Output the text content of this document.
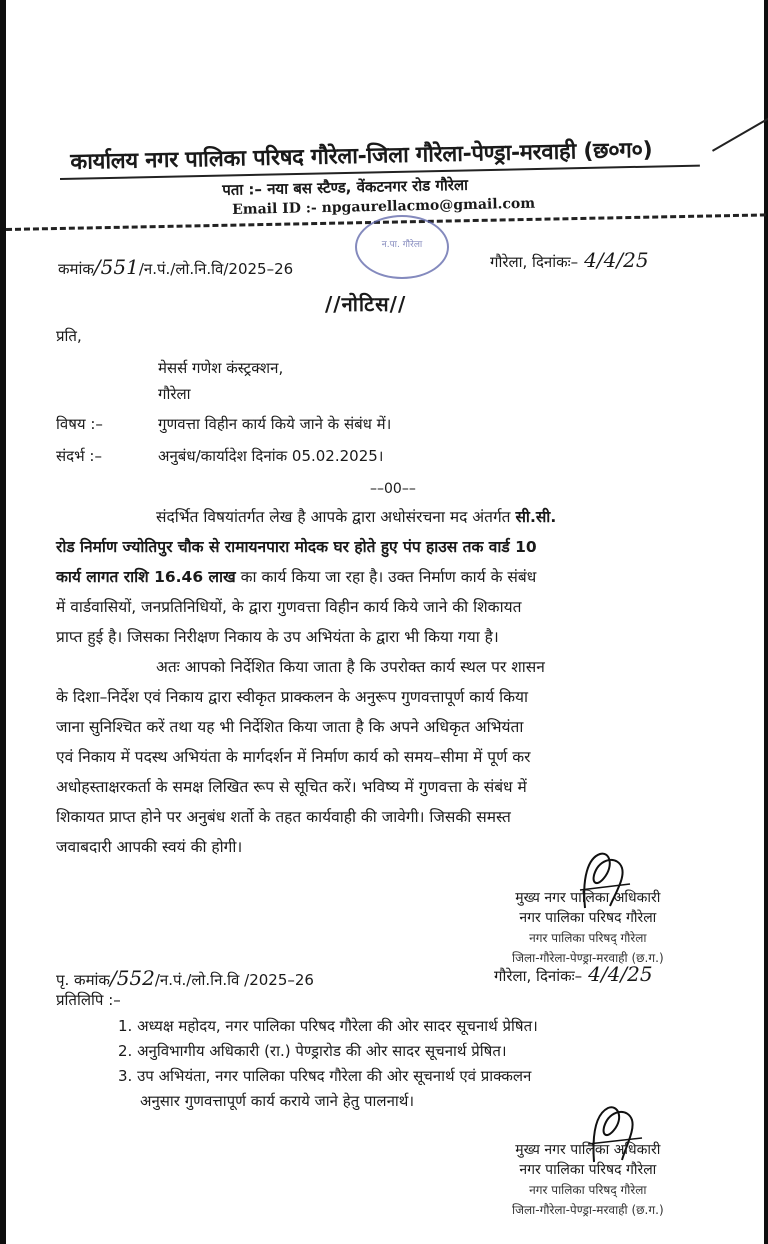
कार्यालय नगर पालिका परिषद गौरेला-जिला गौरेला-पेण्ड्रा-मरवाही (छ०ग०)
पता :– नया बस स्टैण्ड, वेंकटनगर रोड गौरेला
Email ID :- npgaurellacmo@gmail.com
न.पा. गौरेला
कमांक/551/न.पं./लो.नि.वि/2025–26	गौरेला, दिनांकः– 4/4/25
//नोटिस//
प्रति,
मेसर्स गणेश कंस्ट्रक्शन,
गौरेला
विषय :–	गुणवत्ता विहीन कार्य किये जाने के संबंध में।
संदर्भ :–	अनुबंध/कार्यादेश दिनांक 05.02.2025।
––00––
संदर्भित विषयांतर्गत लेख है आपके द्वारा अधोसंरचना मद अंतर्गत सी.सी.
रोड निर्माण ज्योतिपुर चौक से रामायनपारा मोदक घर होते हुए पंप हाउस तक वार्ड 10
कार्य लागत राशि 16.46 लाख का कार्य किया जा रहा है। उक्त निर्माण कार्य के संबंध
में वार्डवासियों, जनप्रतिनिधियों, के द्वारा गुणवत्ता विहीन कार्य किये जाने की शिकायत
प्राप्त हुई है। जिसका निरीक्षण निकाय के उप अभियंता के द्वारा भी किया गया है।
अतः आपको निर्देशित किया जाता है कि उपरोक्त कार्य स्थल पर शासन
के दिशा–निर्देश एवं निकाय द्वारा स्वीकृत प्राक्कलन के अनुरूप गुणवत्तापूर्ण कार्य किया
जाना सुनिश्चित करें तथा यह भी निर्देशित किया जाता है कि अपने अधिकृत अभियंता
एवं निकाय में पदस्थ अभियंता के मार्गदर्शन में निर्माण कार्य को समय–सीमा में पूर्ण कर
अधोहस्ताक्षरकर्ता के समक्ष लिखित रूप से सूचित करें। भविष्य में गुणवत्ता के संबंध में
शिकायत प्राप्त होने पर अनुबंध शर्तो के तहत कार्यवाही की जावेगी। जिसकी समस्त
जवाबदारी आपकी स्वयं की होगी।
मुख्य नगर पालिका अधिकारी
नगर पालिका परिषद गौरेला
नगर पालिका परिषद् गौरेला
जिला-गौरेला-पेण्ड्रा-मरवाही (छ.ग.)
पृ. कमांक/552/न.पं./लो.नि.वि /2025–26	गौरेला, दिनांकः– 4/4/25
प्रतिलिपि :–
1. अध्यक्ष महोदय, नगर पालिका परिषद गौरेला की ओर सादर सूचनार्थ प्रेषित।
2. अनुविभागीय अधिकारी (रा.) पेण्ड्रारोड की ओर सादर सूचनार्थ प्रेषित।
3. उप अभियंता, नगर पालिका परिषद गौरेला की ओर सूचनार्थ एवं प्राक्कलन
अनुसार गुणवत्तापूर्ण कार्य कराये जाने हेतु पालनार्थ।
मुख्य नगर पालिका अधिकारी
नगर पालिका परिषद गौरेला
नगर पालिका परिषद् गौरेला
जिला-गौरेला-पेण्ड्रा-मरवाही (छ.ग.)
